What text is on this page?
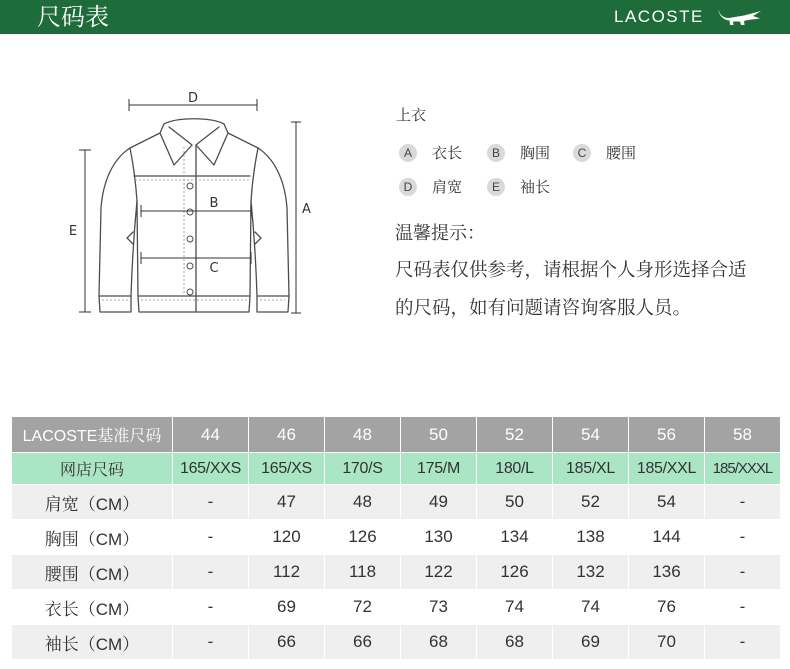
尺码表	LACOSTE
D
E
A
B
C
上衣
A	衣长	B	胸围	C	腰围
D	肩宽	E	袖长
温馨提示：
尺码表仅供参考，请根据个人身形选择合适
的尺码，如有问题请咨询客服人员。
LACOSTE基准尺码	44	46	48	50	52	54	56	58
网店尺码	165/XXS	165/XS	170/S	175/M	180/L	185/XL	185/XXL	185/XXXL
肩宽（CM）	-	47	48	49	50	52	54	-
胸围（CM）	-	120	126	130	134	138	144	-
腰围（CM）	-	112	118	122	126	132	136	-
衣长（CM）	-	69	72	73	74	74	76	-
袖长（CM）	-	66	66	68	68	69	70	-
